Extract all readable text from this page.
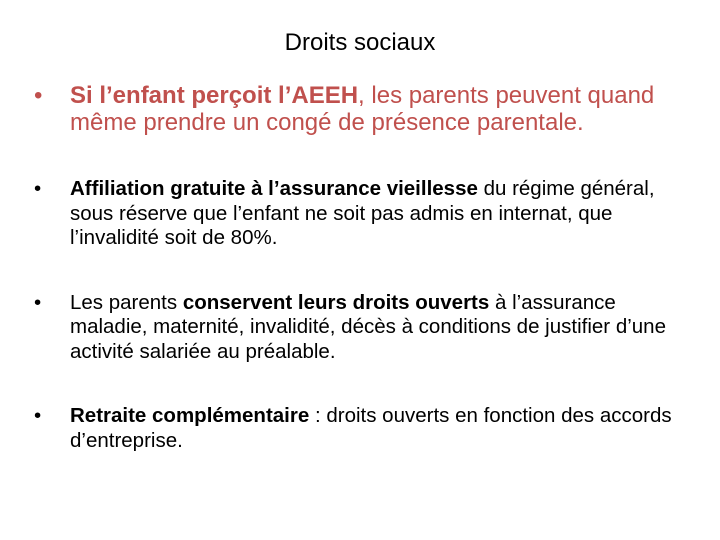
Droits sociaux
• Si l’enfant perçoit l’AEEH, les parents peuvent quand même prendre un congé de présence parentale.
• Affiliation gratuite à l’assurance vieillesse du régime général, sous réserve que l’enfant ne soit pas admis en internat, que l’invalidité soit de 80%.
• Les parents conservent leurs droits ouverts à l’assurance maladie, maternité, invalidité, décès à conditions de justifier d’une activité salariée au préalable.
• Retraite complémentaire : droits ouverts en fonction des accords d’entreprise.
